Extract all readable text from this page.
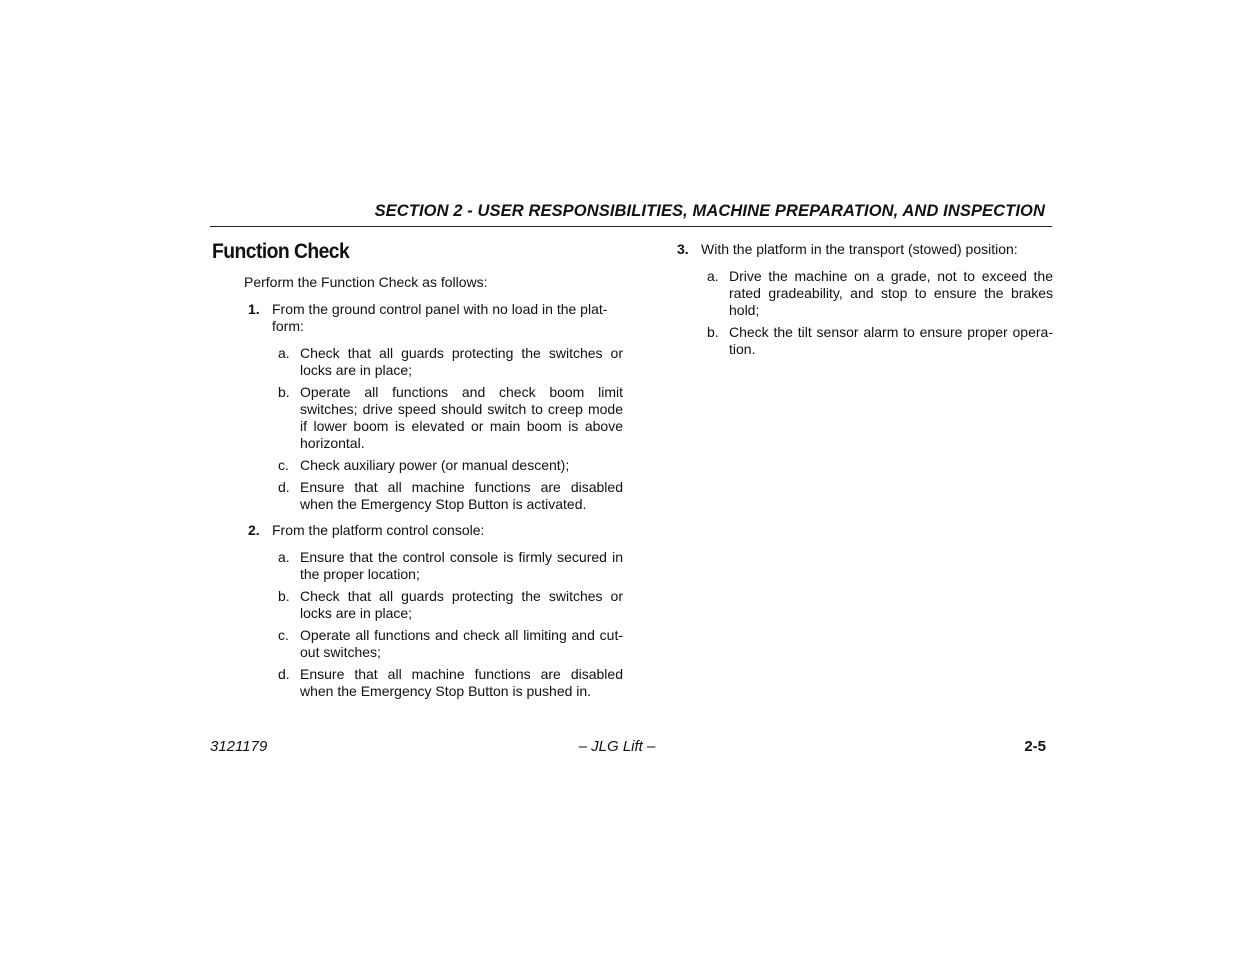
SECTION 2 - USER RESPONSIBILITIES, MACHINE PREPARATION, AND INSPECTION
Function Check
Perform the Function Check as follows:
1. From the ground control panel with no load in the plat-form:
a. Check that all guards protecting the switches or locks are in place;
b. Operate all functions and check boom limit switches; drive speed should switch to creep mode if lower boom is elevated or main boom is above horizontal.
c. Check auxiliary power (or manual descent);
d. Ensure that all machine functions are disabled when the Emergency Stop Button is activated.
2. From the platform control console:
a. Ensure that the control console is firmly secured in the proper location;
b. Check that all guards protecting the switches or locks are in place;
c. Operate all functions and check all limiting and cut-out switches;
d. Ensure that all machine functions are disabled when the Emergency Stop Button is pushed in.
3. With the platform in the transport (stowed) position:
a. Drive the machine on a grade, not to exceed the rated gradeability, and stop to ensure the brakes hold;
b. Check the tilt sensor alarm to ensure proper opera-tion.
3121179	– JLG Lift –	2-5
